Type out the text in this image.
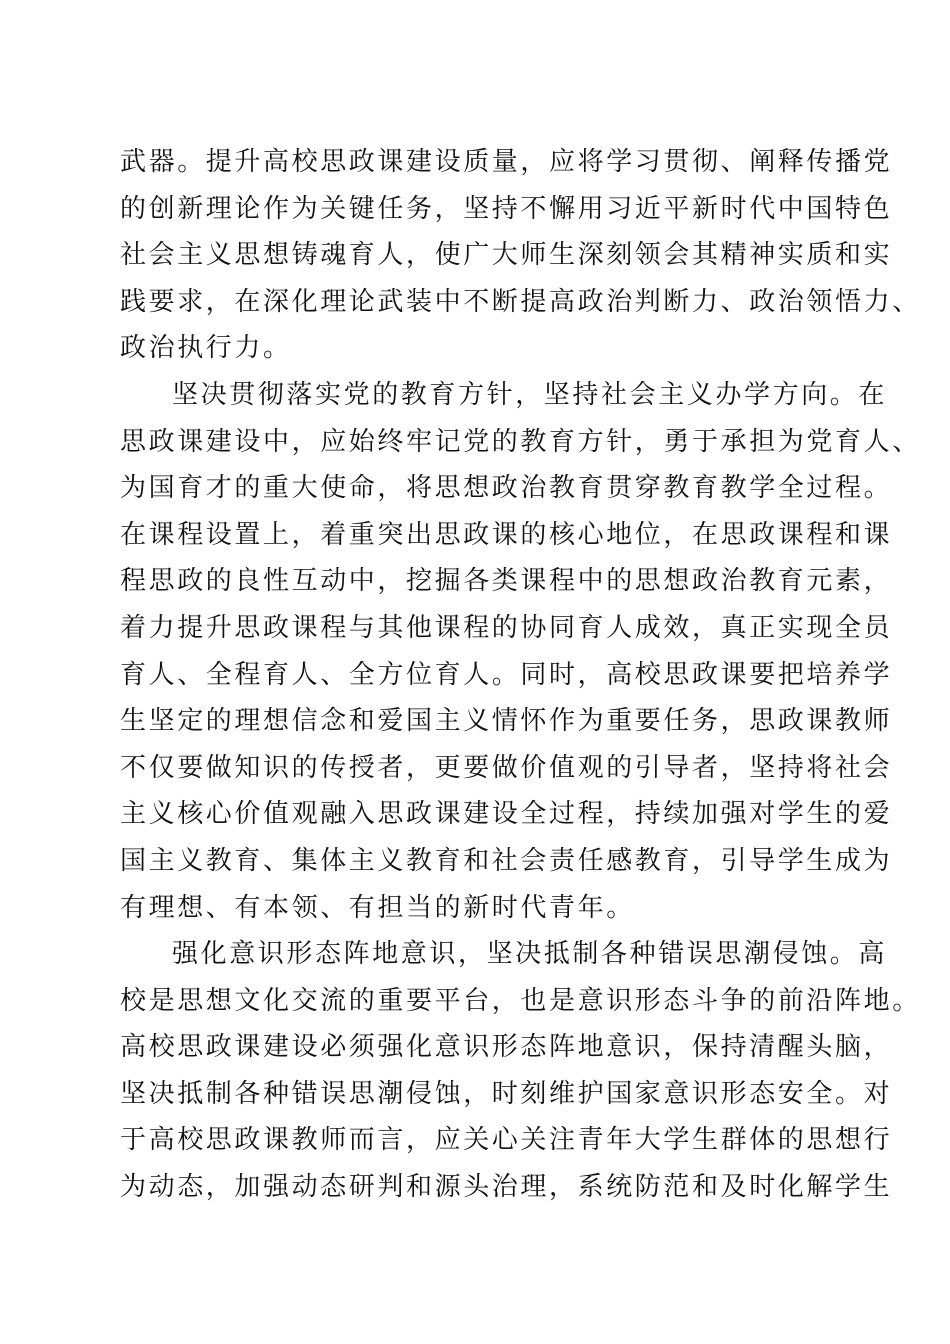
武器。提升高校思政课建设质量，应将学习贯彻、阐释传播党
的创新理论作为关键任务，坚持不懈用习近平新时代中国特色
社会主义思想铸魂育人，使广大师生深刻领会其精神实质和实
践要求，在深化理论武装中不断提高政治判断力、政治领悟力、
政治执行力。
坚决贯彻落实党的教育方针，坚持社会主义办学方向。在
思政课建设中，应始终牢记党的教育方针，勇于承担为党育人、
为国育才的重大使命，将思想政治教育贯穿教育教学全过程。
在课程设置上，着重突出思政课的核心地位，在思政课程和课
程思政的良性互动中，挖掘各类课程中的思想政治教育元素，
着力提升思政课程与其他课程的协同育人成效，真正实现全员
育人、全程育人、全方位育人。同时，高校思政课要把培养学
生坚定的理想信念和爱国主义情怀作为重要任务，思政课教师
不仅要做知识的传授者，更要做价值观的引导者，坚持将社会
主义核心价值观融入思政课建设全过程，持续加强对学生的爱
国主义教育、集体主义教育和社会责任感教育，引导学生成为
有理想、有本领、有担当的新时代青年。
强化意识形态阵地意识，坚决抵制各种错误思潮侵蚀。高
校是思想文化交流的重要平台，也是意识形态斗争的前沿阵地。
高校思政课建设必须强化意识形态阵地意识，保持清醒头脑，
坚决抵制各种错误思潮侵蚀，时刻维护国家意识形态安全。对
于高校思政课教师而言，应关心关注青年大学生群体的思想行
为动态，加强动态研判和源头治理，系统防范和及时化解学生
